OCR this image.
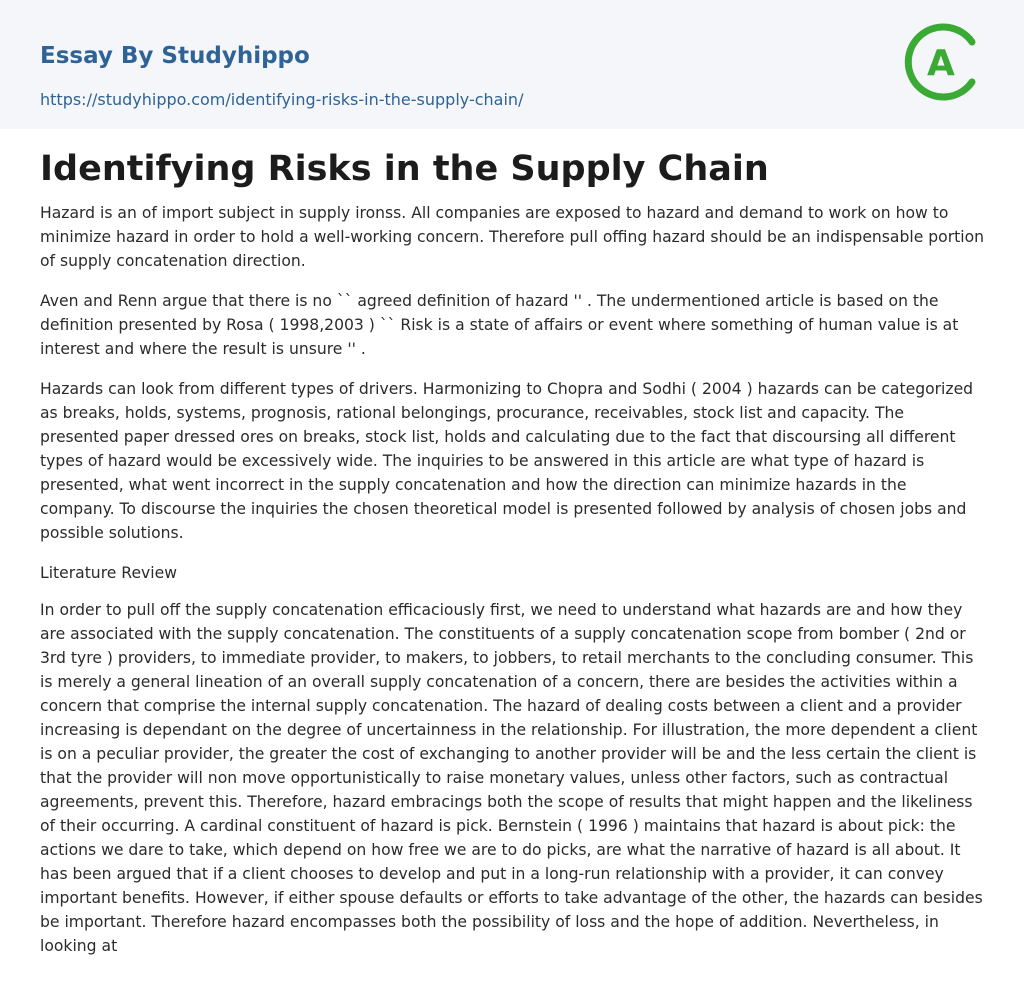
Essay By Studyhippo
https://studyhippo.com/identifying-risks-in-the-supply-chain/
A
Identifying Risks in the Supply Chain

Hazard is an of import subject in supply ironss. All companies are exposed to hazard and demand to work on how to minimize hazard in order to hold a well-working concern. Therefore pull offing hazard should be an indispensable portion of supply concatenation direction.

Aven and Renn argue that there is no `` agreed definition of hazard '' . The undermentioned article is based on the definition presented by Rosa ( 1998,2003 ) `` Risk is a state of affairs or event where something of human value is at interest and where the result is unsure '' .

Hazards can look from different types of drivers. Harmonizing to Chopra and Sodhi ( 2004 ) hazards can be categorized as breaks, holds, systems, prognosis, rational belongings, procurance, receivables, stock list and capacity. The presented paper dressed ores on breaks, stock list, holds and calculating due to the fact that discoursing all different types of hazard would be excessively wide. The inquiries to be answered in this article are what type of hazard is presented, what went incorrect in the supply concatenation and how the direction can minimize hazards in the company. To discourse the inquiries the chosen theoretical model is presented followed by analysis of chosen jobs and possible solutions.

Literature Review

In order to pull off the supply concatenation efficaciously first, we need to understand what hazards are and how they are associated with the supply concatenation. The constituents of a supply concatenation scope from bomber ( 2nd or 3rd tyre ) providers, to immediate provider, to makers, to jobbers, to retail merchants to the concluding consumer. This is merely a general lineation of an overall supply concatenation of a concern, there are besides the activities within a concern that comprise the internal supply concatenation. The hazard of dealing costs between a client and a provider increasing is dependant on the degree of uncertainness in the relationship. For illustration, the more dependent a client is on a peculiar provider, the greater the cost of exchanging to another provider will be and the less certain the client is that the provider will non move opportunistically to raise monetary values, unless other factors, such as contractual agreements, prevent this. Therefore, hazard embracings both the scope of results that might happen and the likeliness of their occurring. A cardinal constituent of hazard is pick. Bernstein ( 1996 ) maintains that hazard is about pick: the actions we dare to take, which depend on how free we are to do picks, are what the narrative of hazard is all about. It has been argued that if a client chooses to develop and put in a long-run relationship with a provider, it can convey important benefits. However, if either spouse defaults or efforts to take advantage of the other, the hazards can besides be important. Therefore hazard encompasses both the possibility of loss and the hope of addition. Nevertheless, in looking at
